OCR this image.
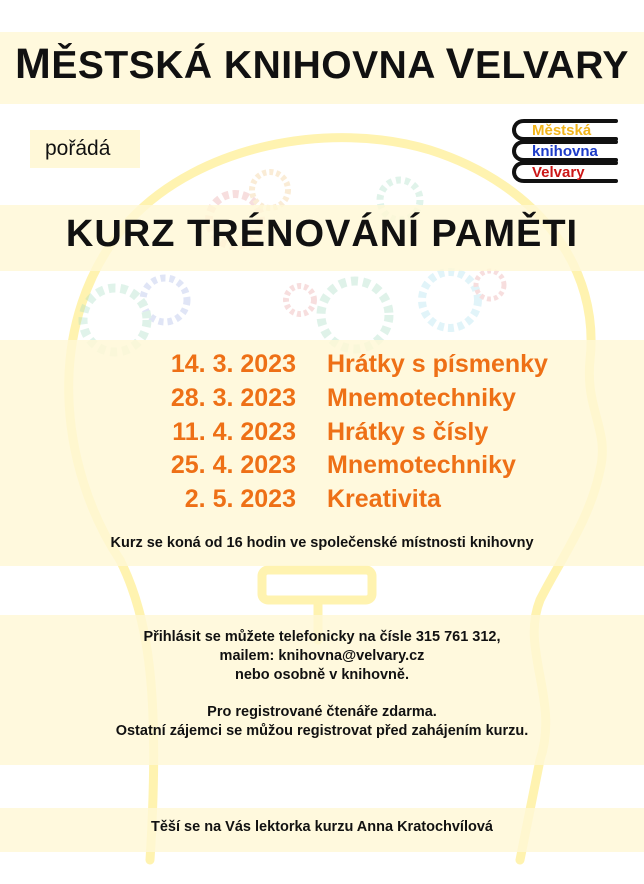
MĚSTSKÁ KNIHOVNA VELVARY
pořádá
Městská
knihovna
Velvary
KURZ TRÉNOVÁNÍ PAMĚTI
14. 3. 2023 Hrátky s písmenky
28. 3. 2023 Mnemotechniky
11. 4. 2023 Hrátky s čísly
25. 4. 2023 Mnemotechniky
2. 5. 2023 Kreativita
Kurz se koná od 16 hodin ve společenské místnosti knihovny
Přihlásit se můžete telefonicky na čísle 315 761 312,
mailem: knihovna@velvary.cz
nebo osobně v knihovně.
Pro registrované čtenáře zdarma.
Ostatní zájemci se můžou registrovat před zahájením kurzu.
Těší se na Vás lektorka kurzu Anna Kratochvílová
